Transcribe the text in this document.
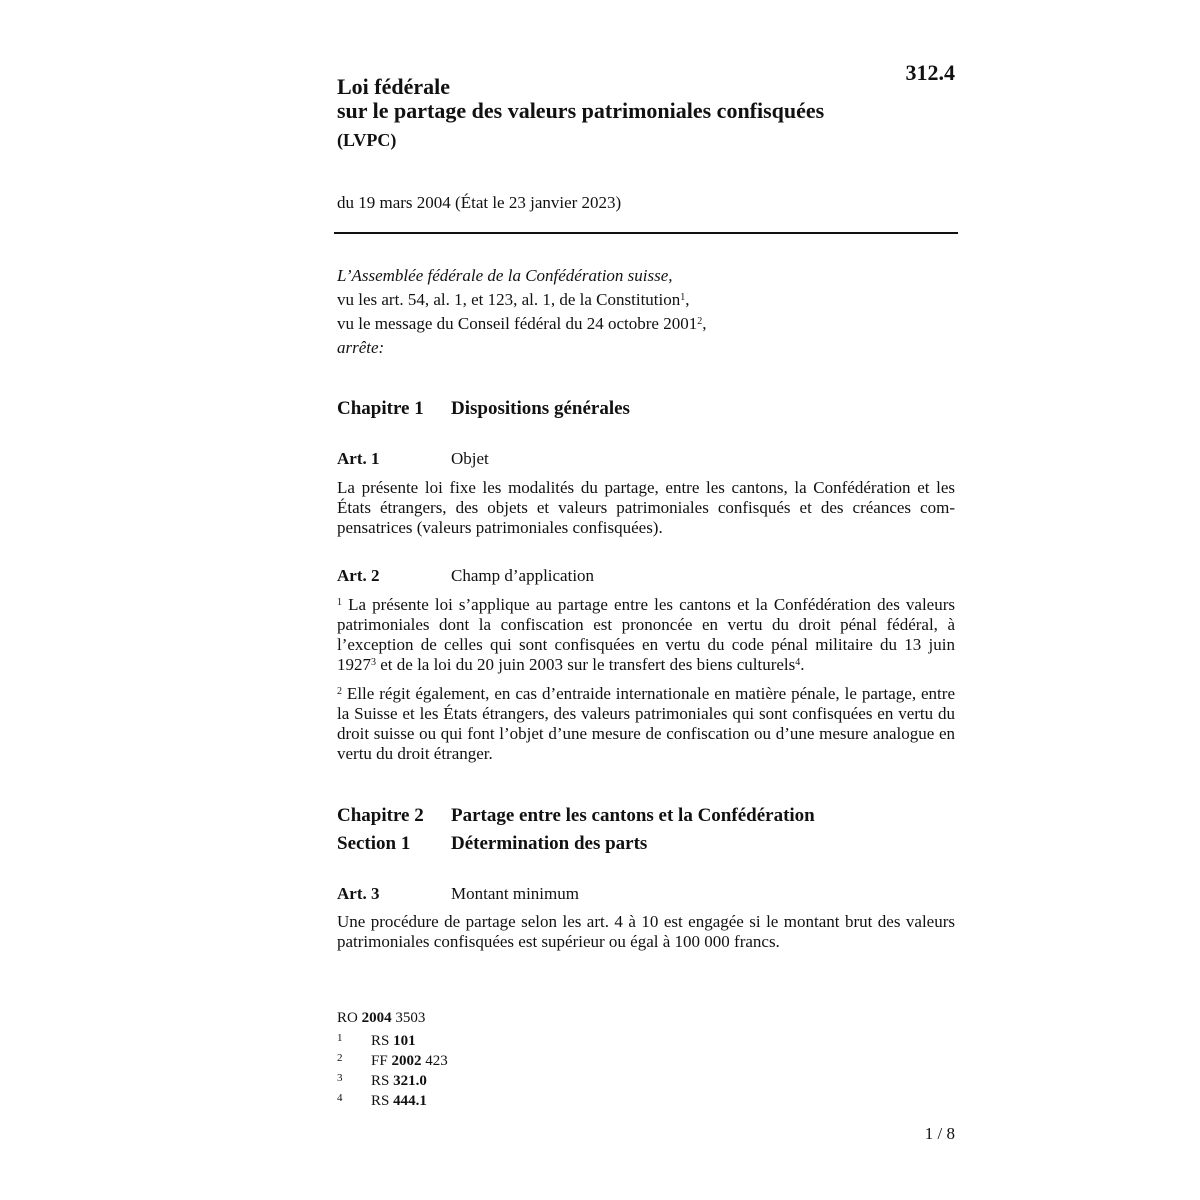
312.4
Loi fédérale
sur le partage des valeurs patrimoniales confisquées
(LVPC)
du 19 mars 2004 (État le 23 janvier 2023)
L’Assemblée fédérale de la Confédération suisse,
vu les art. 54, al. 1, et 123, al. 1, de la Constitution$^1$,
vu le message du Conseil fédéral du 24 octobre 2001$^2$,
arrête:
Chapitre 1 Dispositions générales
Art. 1	Objet
La présente loi fixe les modalités du partage, entre les cantons, la Confédération et les États étrangers, des objets et valeurs patrimoniales confisqués et des créances compensatrices (valeurs patrimoniales confisquées).
Art. 2	Champ d’application
$^1$ La présente loi s’applique au partage entre les cantons et la Confédération des valeurs patrimoniales dont la confiscation est prononcée en vertu du droit pénal fédéral, à l’exception de celles qui sont confisquées en vertu du code pénal militaire du 13 juin 1927$^3$ et de la loi du 20 juin 2003 sur le transfert des biens culturels$^4$.
$^2$ Elle régit également, en cas d’entraide internationale en matière pénale, le partage, entre la Suisse et les États étrangers, des valeurs patrimoniales qui sont confisquées en vertu du droit suisse ou qui font l’objet d’une mesure de confiscation ou d’une mesure analogue en vertu du droit étranger.
Chapitre 2 Partage entre les cantons et la Confédération
Section 1 Détermination des parts
Art. 3	Montant minimum
Une procédure de partage selon les art. 4 à 10 est engagée si le montant brut des valeurs patrimoniales confisquées est supérieur ou égal à 100 000 francs.
RO 2004 3503
1 RS 101
2 FF 2002 423
3 RS 321.0
4 RS 444.1
1 / 8
